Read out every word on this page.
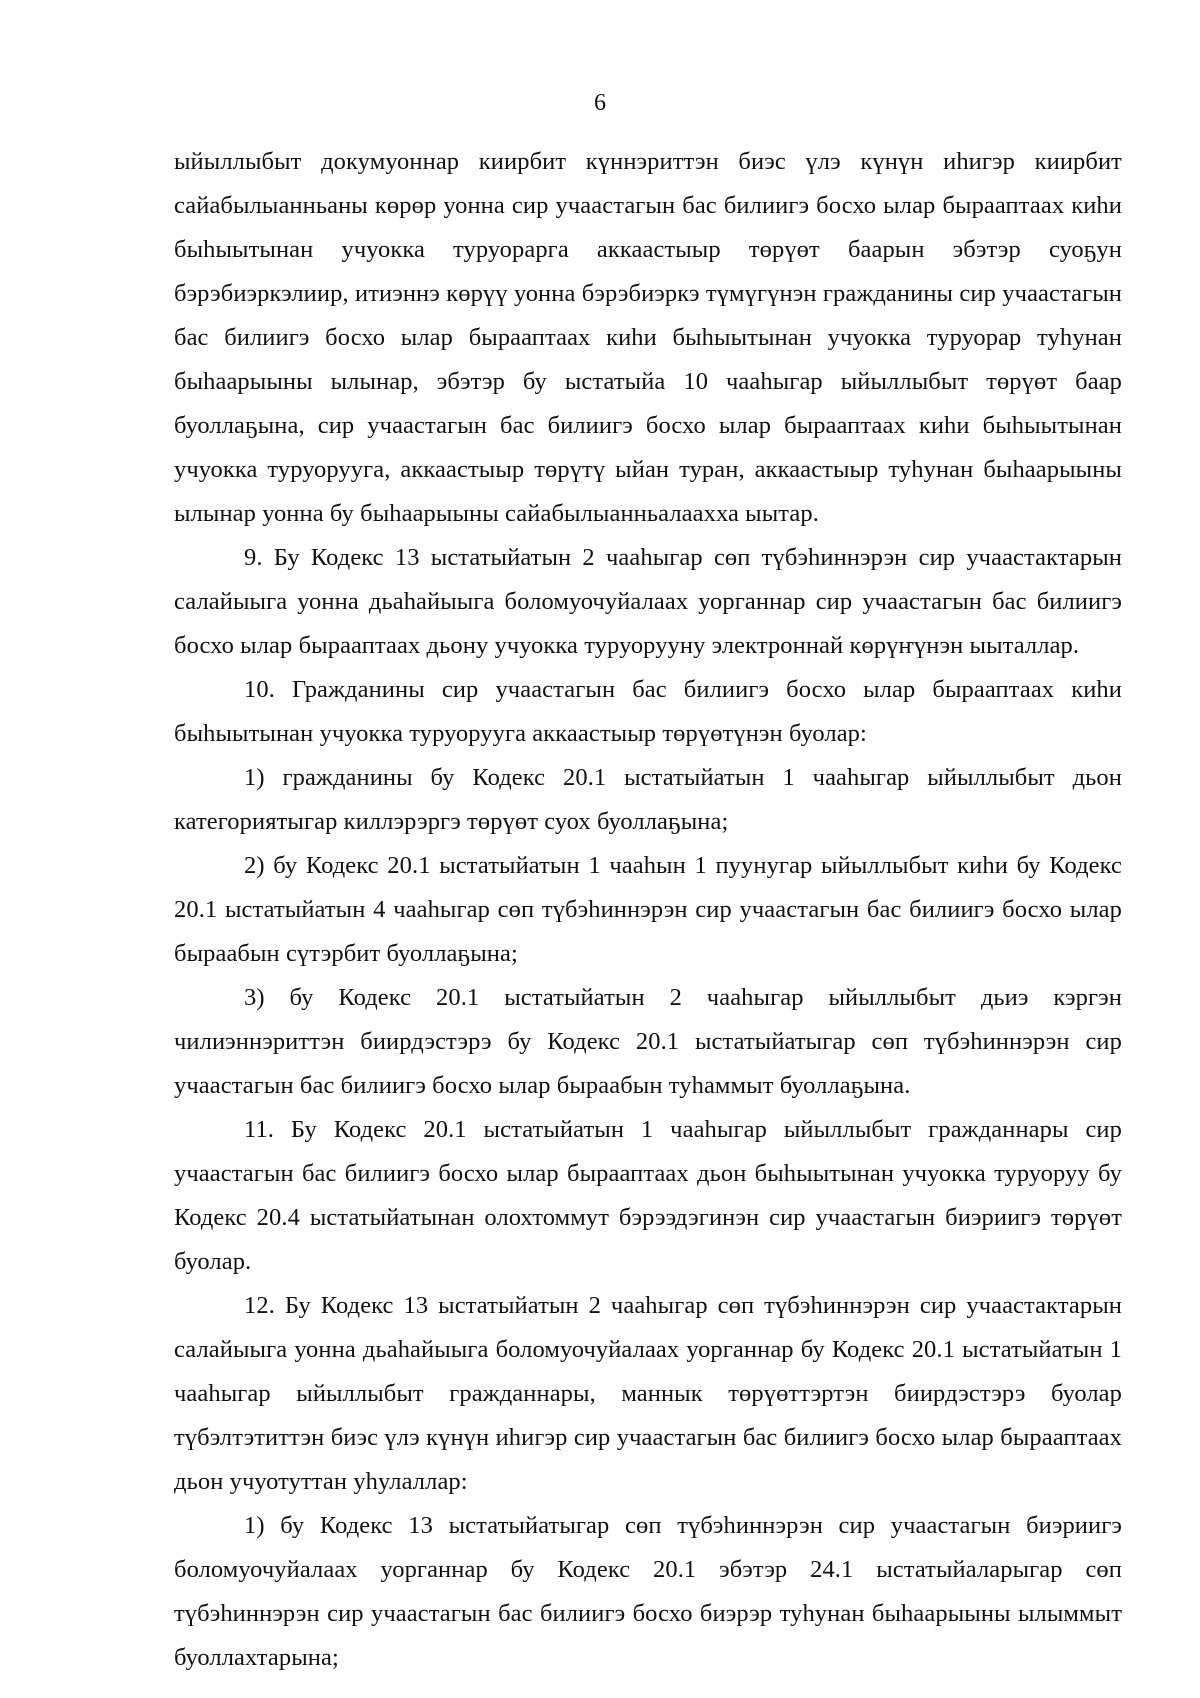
6

ыйыллыбыт докумуоннар киирбит күннэриттэн биэс үлэ күнүн иһигэр киирбит сайабылыанньаны көрөр уонна сир учаастагын бас билиигэ босхо ылар бырааптаах киһи быһыытынан учуокка туруорарга аккаастыыр төрүөт баарын эбэтэр суоҕун бэрэбиэркэлиир, итиэннэ көрүү уонна бэрэбиэркэ түмүгүнэн гражданины сир учаастагын бас билиигэ босхо ылар бырааптаах киһи быһыытынан учуокка туруорар туһунан быһаарыыны ылынар, эбэтэр бу ыстатыйа 10 чааһыгар ыйыллыбыт төрүөт баар буоллаҕына, сир учаастагын бас билиигэ босхо ылар бырааптаах киһи быһыытынан учуокка туруорууга, аккаастыыр төрүтү ыйан туран, аккаастыыр туһунан быһаарыыны ылынар уонна бу быһаарыыны сайабылыанньалаахха ыытар.

9. Бу Кодекс 13 ыстатыйатын 2 чааһыгар сөп түбэһиннэрэн сир учаастактарын салайыыга уонна дьаһайыыга боломуочуйалаах уорганнар сир учаастагын бас билиигэ босхо ылар бырааптаах дьону учуокка туруорууну электроннай көрүҥүнэн ыыталлар.

10. Гражданины сир учаастагын бас билиигэ босхо ылар бырааптаах киһи быһыытынан учуокка туруорууга аккаастыыр төрүөтүнэн буолар:

1) гражданины бу Кодекс 20.1 ыстатыйатын 1 чааһыгар ыйыллыбыт дьон категориятыгар киллэрэргэ төрүөт суох буоллаҕына;

2) бу Кодекс 20.1 ыстатыйатын 1 чааһын 1 пуунугар ыйыллыбыт киһи бу Кодекс 20.1 ыстатыйатын 4 чааһыгар сөп түбэһиннэрэн сир учаастагын бас билиигэ босхо ылар быраабын сүтэрбит буоллаҕына;

3) бу Кодекс 20.1 ыстатыйатын 2 чааһыгар ыйыллыбыт дьиэ кэргэн чилиэннэриттэн биирдэстэрэ бу Кодекс 20.1 ыстатыйатыгар сөп түбэһиннэрэн сир учаастагын бас билиигэ босхо ылар быраабын туһаммыт буоллаҕына.

11. Бу Кодекс 20.1 ыстатыйатын 1 чааһыгар ыйыллыбыт гражданнары сир учаастагын бас билиигэ босхо ылар бырааптаах дьон быһыытынан учуокка туруоруу бу Кодекс 20.4 ыстатыйатынан олохтоммут бэрээдэгинэн сир учаастагын биэриигэ төрүөт буолар.

12. Бу Кодекс 13 ыстатыйатын 2 чааһыгар сөп түбэһиннэрэн сир учаастактарын салайыыга уонна дьаһайыыга боломуочуйалаах уорганнар бу Кодекс 20.1 ыстатыйатын 1 чааһыгар ыйыллыбыт гражданнары, маннык төрүөттэртэн биирдэстэрэ буолар түбэлтэтиттэн биэс үлэ күнүн иһигэр сир учаастагын бас билиигэ босхо ылар бырааптаах дьон учуотуттан уһулаллар:

1) бу Кодекс 13 ыстатыйатыгар сөп түбэһиннэрэн сир учаастагын биэриигэ боломуочуйалаах уорганнар бу Кодекс 20.1 эбэтэр 24.1 ыстатыйаларыгар сөп түбэһиннэрэн сир учаастагын бас билиигэ босхо биэрэр туһунан быһаарыыны ылыммыт буоллахтарына;
